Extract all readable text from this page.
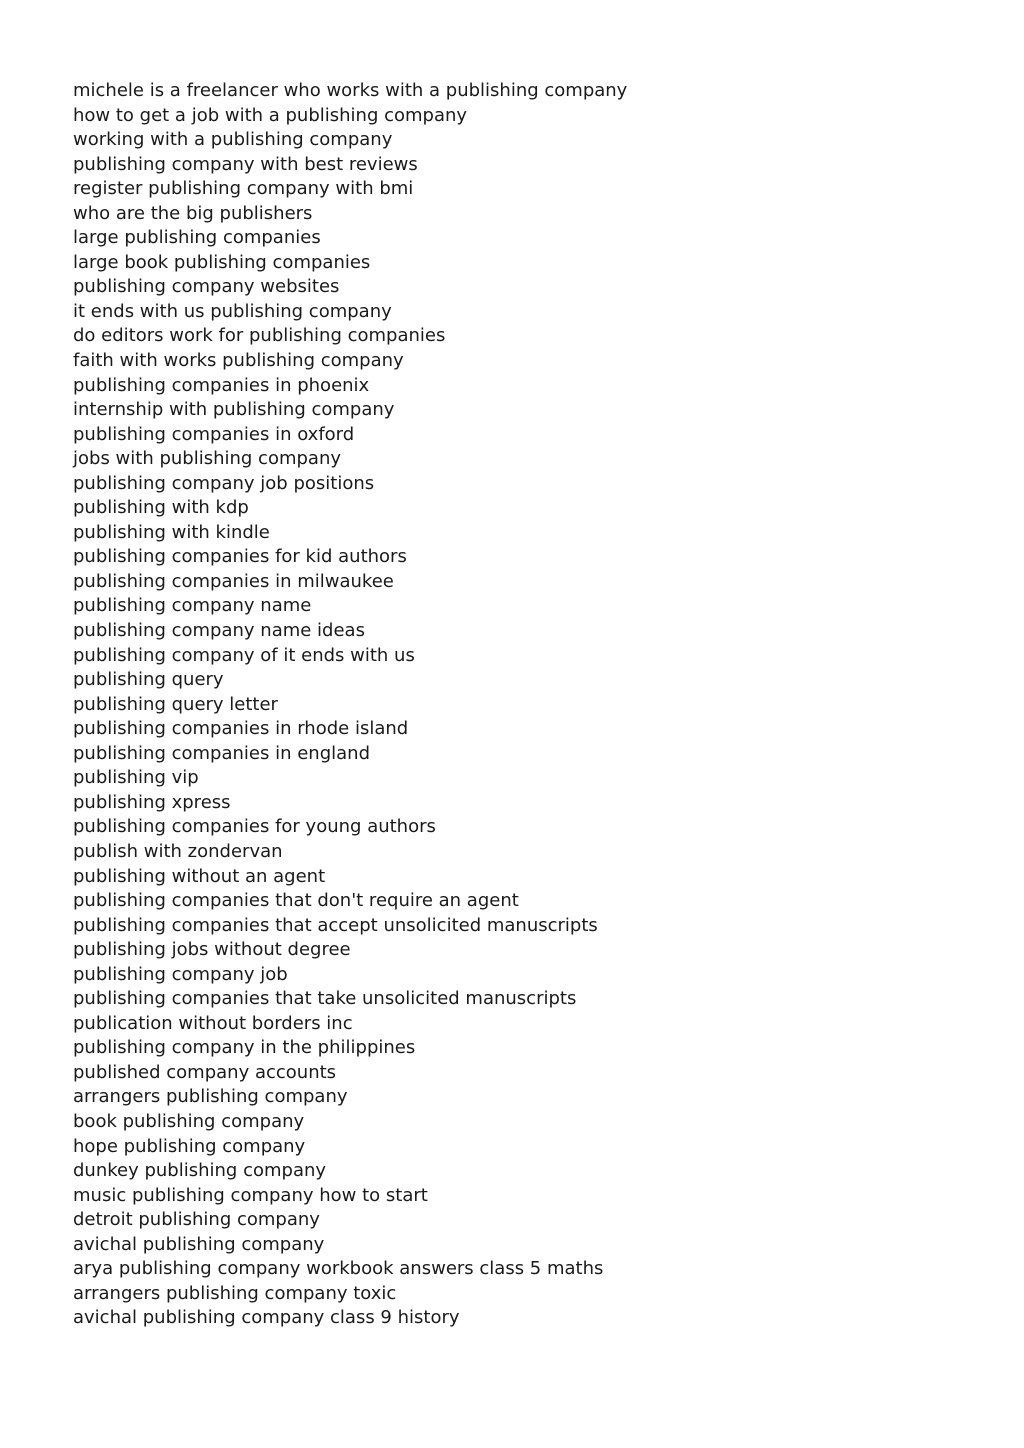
michele is a freelancer who works with a publishing company
how to get a job with a publishing company
working with a publishing company
publishing company with best reviews
register publishing company with bmi
who are the big publishers
large publishing companies
large book publishing companies
publishing company websites
it ends with us publishing company
do editors work for publishing companies
faith with works publishing company
publishing companies in phoenix
internship with publishing company
publishing companies in oxford
jobs with publishing company
publishing company job positions
publishing with kdp
publishing with kindle
publishing companies for kid authors
publishing companies in milwaukee
publishing company name
publishing company name ideas
publishing company of it ends with us
publishing query
publishing query letter
publishing companies in rhode island
publishing companies in england
publishing vip
publishing xpress
publishing companies for young authors
publish with zondervan
publishing without an agent
publishing companies that don't require an agent
publishing companies that accept unsolicited manuscripts
publishing jobs without degree
publishing company job
publishing companies that take unsolicited manuscripts
publication without borders inc
publishing company in the philippines
published company accounts
arrangers publishing company
book publishing company
hope publishing company
dunkey publishing company
music publishing company how to start
detroit publishing company
avichal publishing company
arya publishing company workbook answers class 5 maths
arrangers publishing company toxic
avichal publishing company class 9 history
